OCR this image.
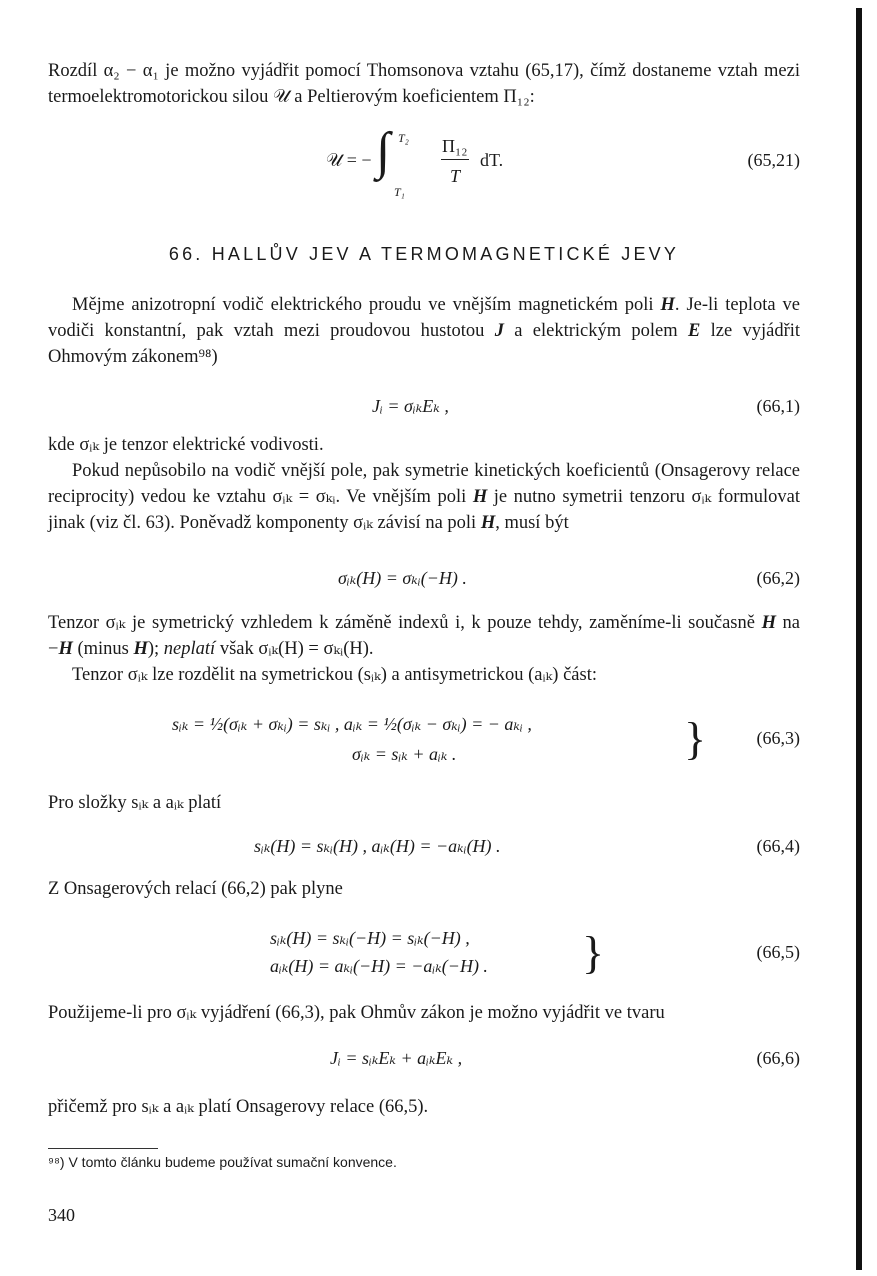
Rozdíl α₂ − α₁ je možno vyjádřit pomocí Thomsonova vztahu (65,17), čímž dostaneme vztah mezi termoelektromotorickou silou 𝒰 a Peltierovým koeficientem Π₁₂:
𝒰 = − ∫ T₂
T₁
Π₁₂
T
dT.	(65,21)
66. HALLŮV JEV A TERMOMAGNETICKÉ JEVY
Mějme anizotropní vodič elektrického proudu ve vnějším magnetickém poli H. Je-li teplota ve vodiči konstantní, pak vztah mezi proudovou hustotou J a elektrickým polem E lze vyjádřit Ohmovým zákonem⁹⁸)
Jᵢ = σᵢₖEₖ ,	(66,1)
kde σᵢₖ je tenzor elektrické vodivosti.
Pokud nepůsobilo na vodič vnější pole, pak symetrie kinetických koeficientů (Onsagerovy relace reciprocity) vedou ke vztahu σᵢₖ = σₖᵢ. Ve vnějším poli H je nutno symetrii tenzoru σᵢₖ formulovat jinak (viz čl. 63). Poněvadž komponenty σᵢₖ závisí na poli H, musí být
σᵢₖ(H) = σₖᵢ(−H) .	(66,2)
Tenzor σᵢₖ je symetrický vzhledem k záměně indexů i, k pouze tehdy, zaměníme-li současně H na −H (minus H); neplatí však σᵢₖ(H) = σₖᵢ(H).
Tenzor σᵢₖ lze rozdělit na symetrickou (sᵢₖ) a antisymetrickou (aᵢₖ) část:
sᵢₖ = ½(σᵢₖ + σₖᵢ) = sₖᵢ , aᵢₖ = ½(σᵢₖ − σₖᵢ) = − aₖᵢ ,
σᵢₖ = sᵢₖ + aᵢₖ .	}	(66,3)
Pro složky sᵢₖ a aᵢₖ platí
sᵢₖ(H) = sₖᵢ(H) , aᵢₖ(H) = −aₖᵢ(H) .	(66,4)
Z Onsagerových relací (66,2) pak plyne
sᵢₖ(H) = sₖᵢ(−H) = sᵢₖ(−H) ,
aᵢₖ(H) = aₖᵢ(−H) = −aᵢₖ(−H) . }	(66,5)
Použijeme-li pro σᵢₖ vyjádření (66,3), pak Ohmův zákon je možno vyjádřit ve tvaru
Jᵢ = sᵢₖEₖ + aᵢₖEₖ ,	(66,6)
přičemž pro sᵢₖ a aᵢₖ platí Onsagerovy relace (66,5).
⁹⁸) V tomto článku budeme používat sumační konvence.
340
